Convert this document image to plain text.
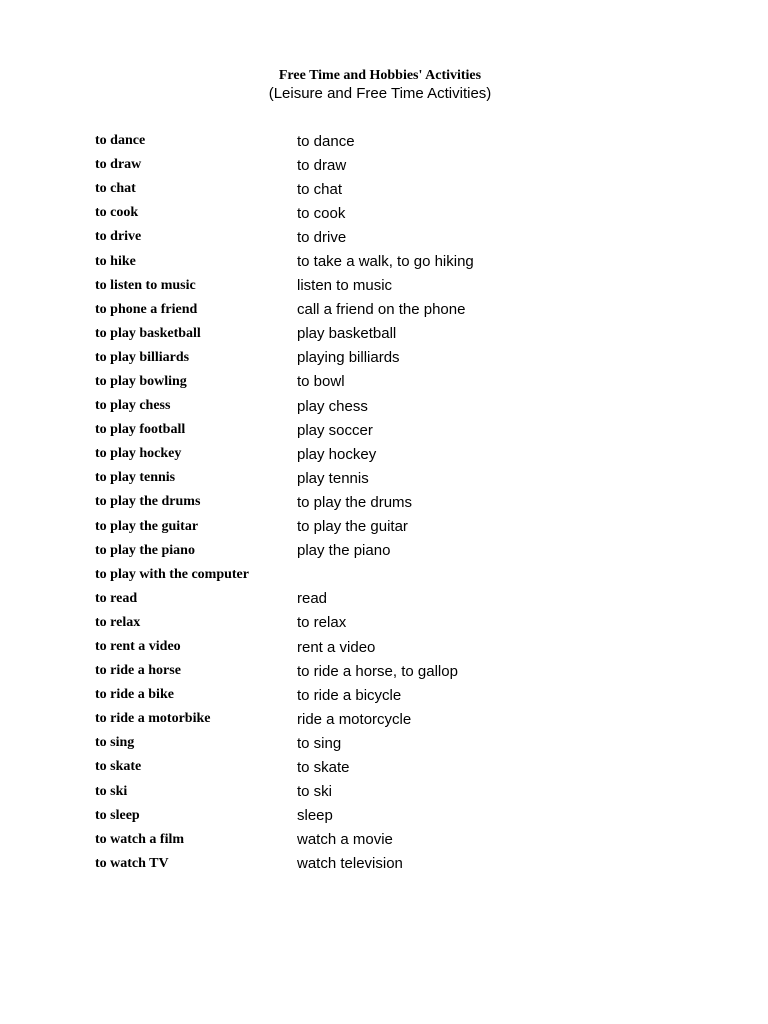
Free Time and Hobbies' Activities
(Leisure and Free Time Activities)
to dance	to dance
to draw	to draw
to chat	to chat
to cook	to cook
to drive	to drive
to hike	to take a walk, to go hiking
to listen to music	listen to music
to phone a friend	call a friend on the phone
to play basketball	play basketball
to play billiards	playing billiards
to play bowling	to bowl
to play chess	play chess
to play football	play soccer
to play hockey	play hockey
to play tennis	play tennis
to play the drums	to play the drums
to play the guitar	to play the guitar
to play the piano	play the piano
to play with the computer
to read	read
to relax	to relax
to rent a video	rent a video
to ride a horse	to ride a horse, to gallop
to ride a bike	to ride a bicycle
to ride a motorbike	ride a motorcycle
to sing	to sing
to skate	to skate
to ski	to ski
to sleep	sleep
to watch a film	watch a movie
to watch TV	watch television
